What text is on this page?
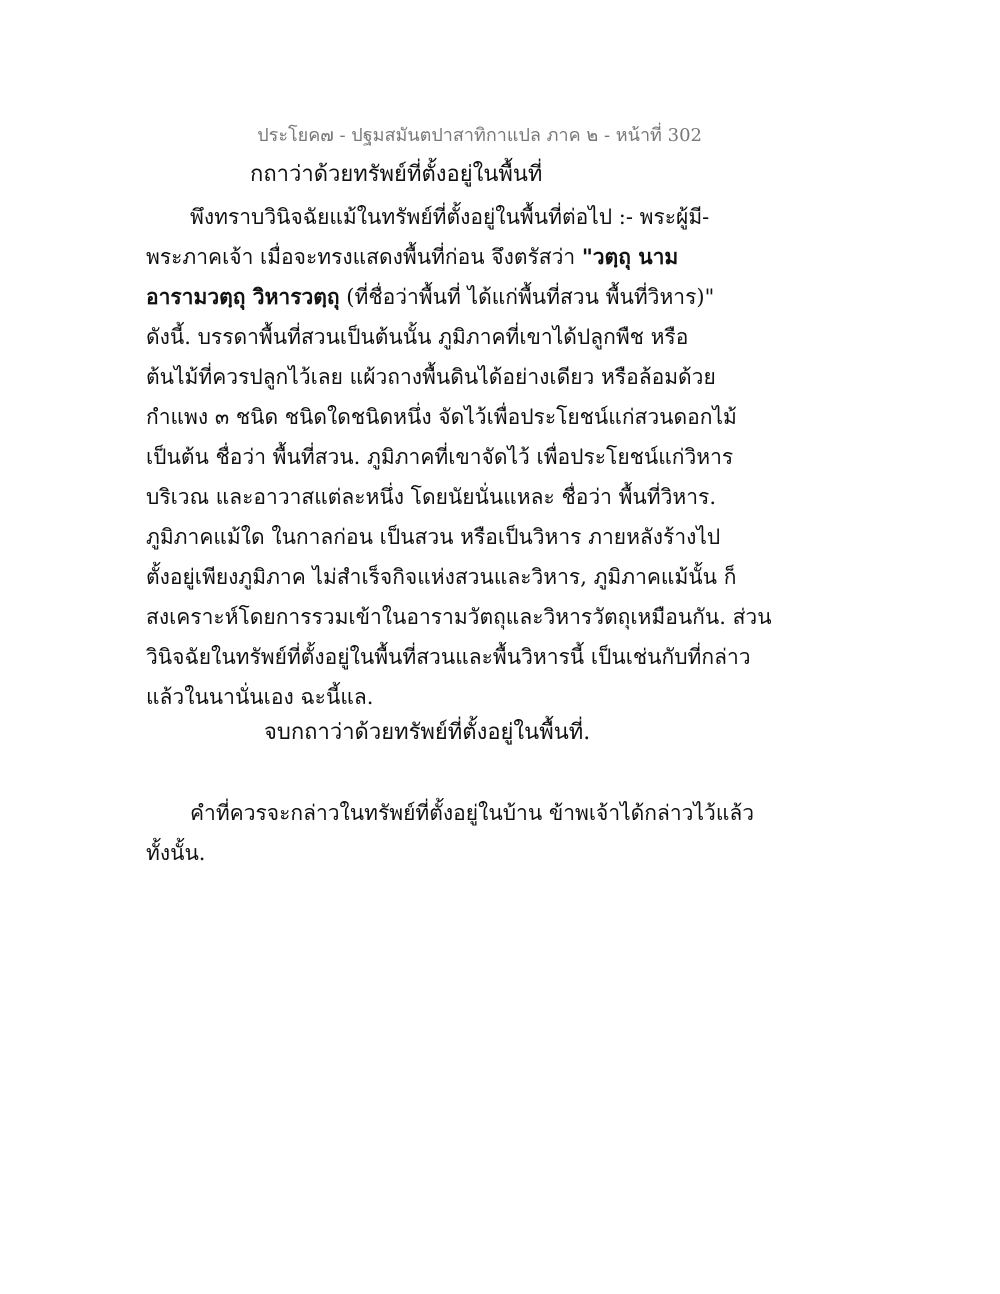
ประโยค๗ - ปฐมสมันตปาสาทิกาแปล ภาค ๒ - หน้าที่ 302
กถาว่าด้วยทรัพย์ที่ตั้งอยู่ในพื้นที่
พึงทราบวินิจฉัยแม้ในทรัพย์ที่ตั้งอยู่ในพื้นที่ต่อไป :- พระผู้มี-
พระภาคเจ้า เมื่อจะทรงแสดงพื้นที่ก่อน จึงตรัสว่า "วตฺถุ นาม
อารามวตฺถุ วิหารวตฺถุ (ที่ชื่อว่าพื้นที่ ได้แก่พื้นที่สวน พื้นที่วิหาร)"
ดังนี้. บรรดาพื้นที่สวนเป็นต้นนั้น ภูมิภาคที่เขาได้ปลูกพืช หรือ
ต้นไม้ที่ควรปลูกไว้เลย แผ้วถางพื้นดินได้อย่างเดียว หรือล้อมด้วย
กำแพง ๓ ชนิด ชนิดใดชนิดหนึ่ง จัดไว้เพื่อประโยชน์แก่สวนดอกไม้
เป็นต้น ชื่อว่า พื้นที่สวน. ภูมิภาคที่เขาจัดไว้ เพื่อประโยชน์แก่วิหาร
บริเวณ และอาวาสแต่ละหนึ่ง โดยนัยนั่นแหละ ชื่อว่า พื้นที่วิหาร.
ภูมิภาคแม้ใด ในกาลก่อน เป็นสวน หรือเป็นวิหาร ภายหลังร้างไป
ตั้งอยู่เพียงภูมิภาค ไม่สำเร็จกิจแห่งสวนและวิหาร, ภูมิภาคแม้นั้น ก็
สงเคราะห์โดยการรวมเข้าในอารามวัตถุและวิหารวัตถุเหมือนกัน. ส่วน
วินิจฉัยในทรัพย์ที่ตั้งอยู่ในพื้นที่สวนและพื้นวิหารนี้ เป็นเช่นกับที่กล่าว
แล้วในนานั่นเอง ฉะนี้แล.
จบกถาว่าด้วยทรัพย์ที่ตั้งอยู่ในพื้นที่.
คำที่ควรจะกล่าวในทรัพย์ที่ตั้งอยู่ในบ้าน ข้าพเจ้าได้กล่าวไว้แล้ว
ทั้งนั้น.
